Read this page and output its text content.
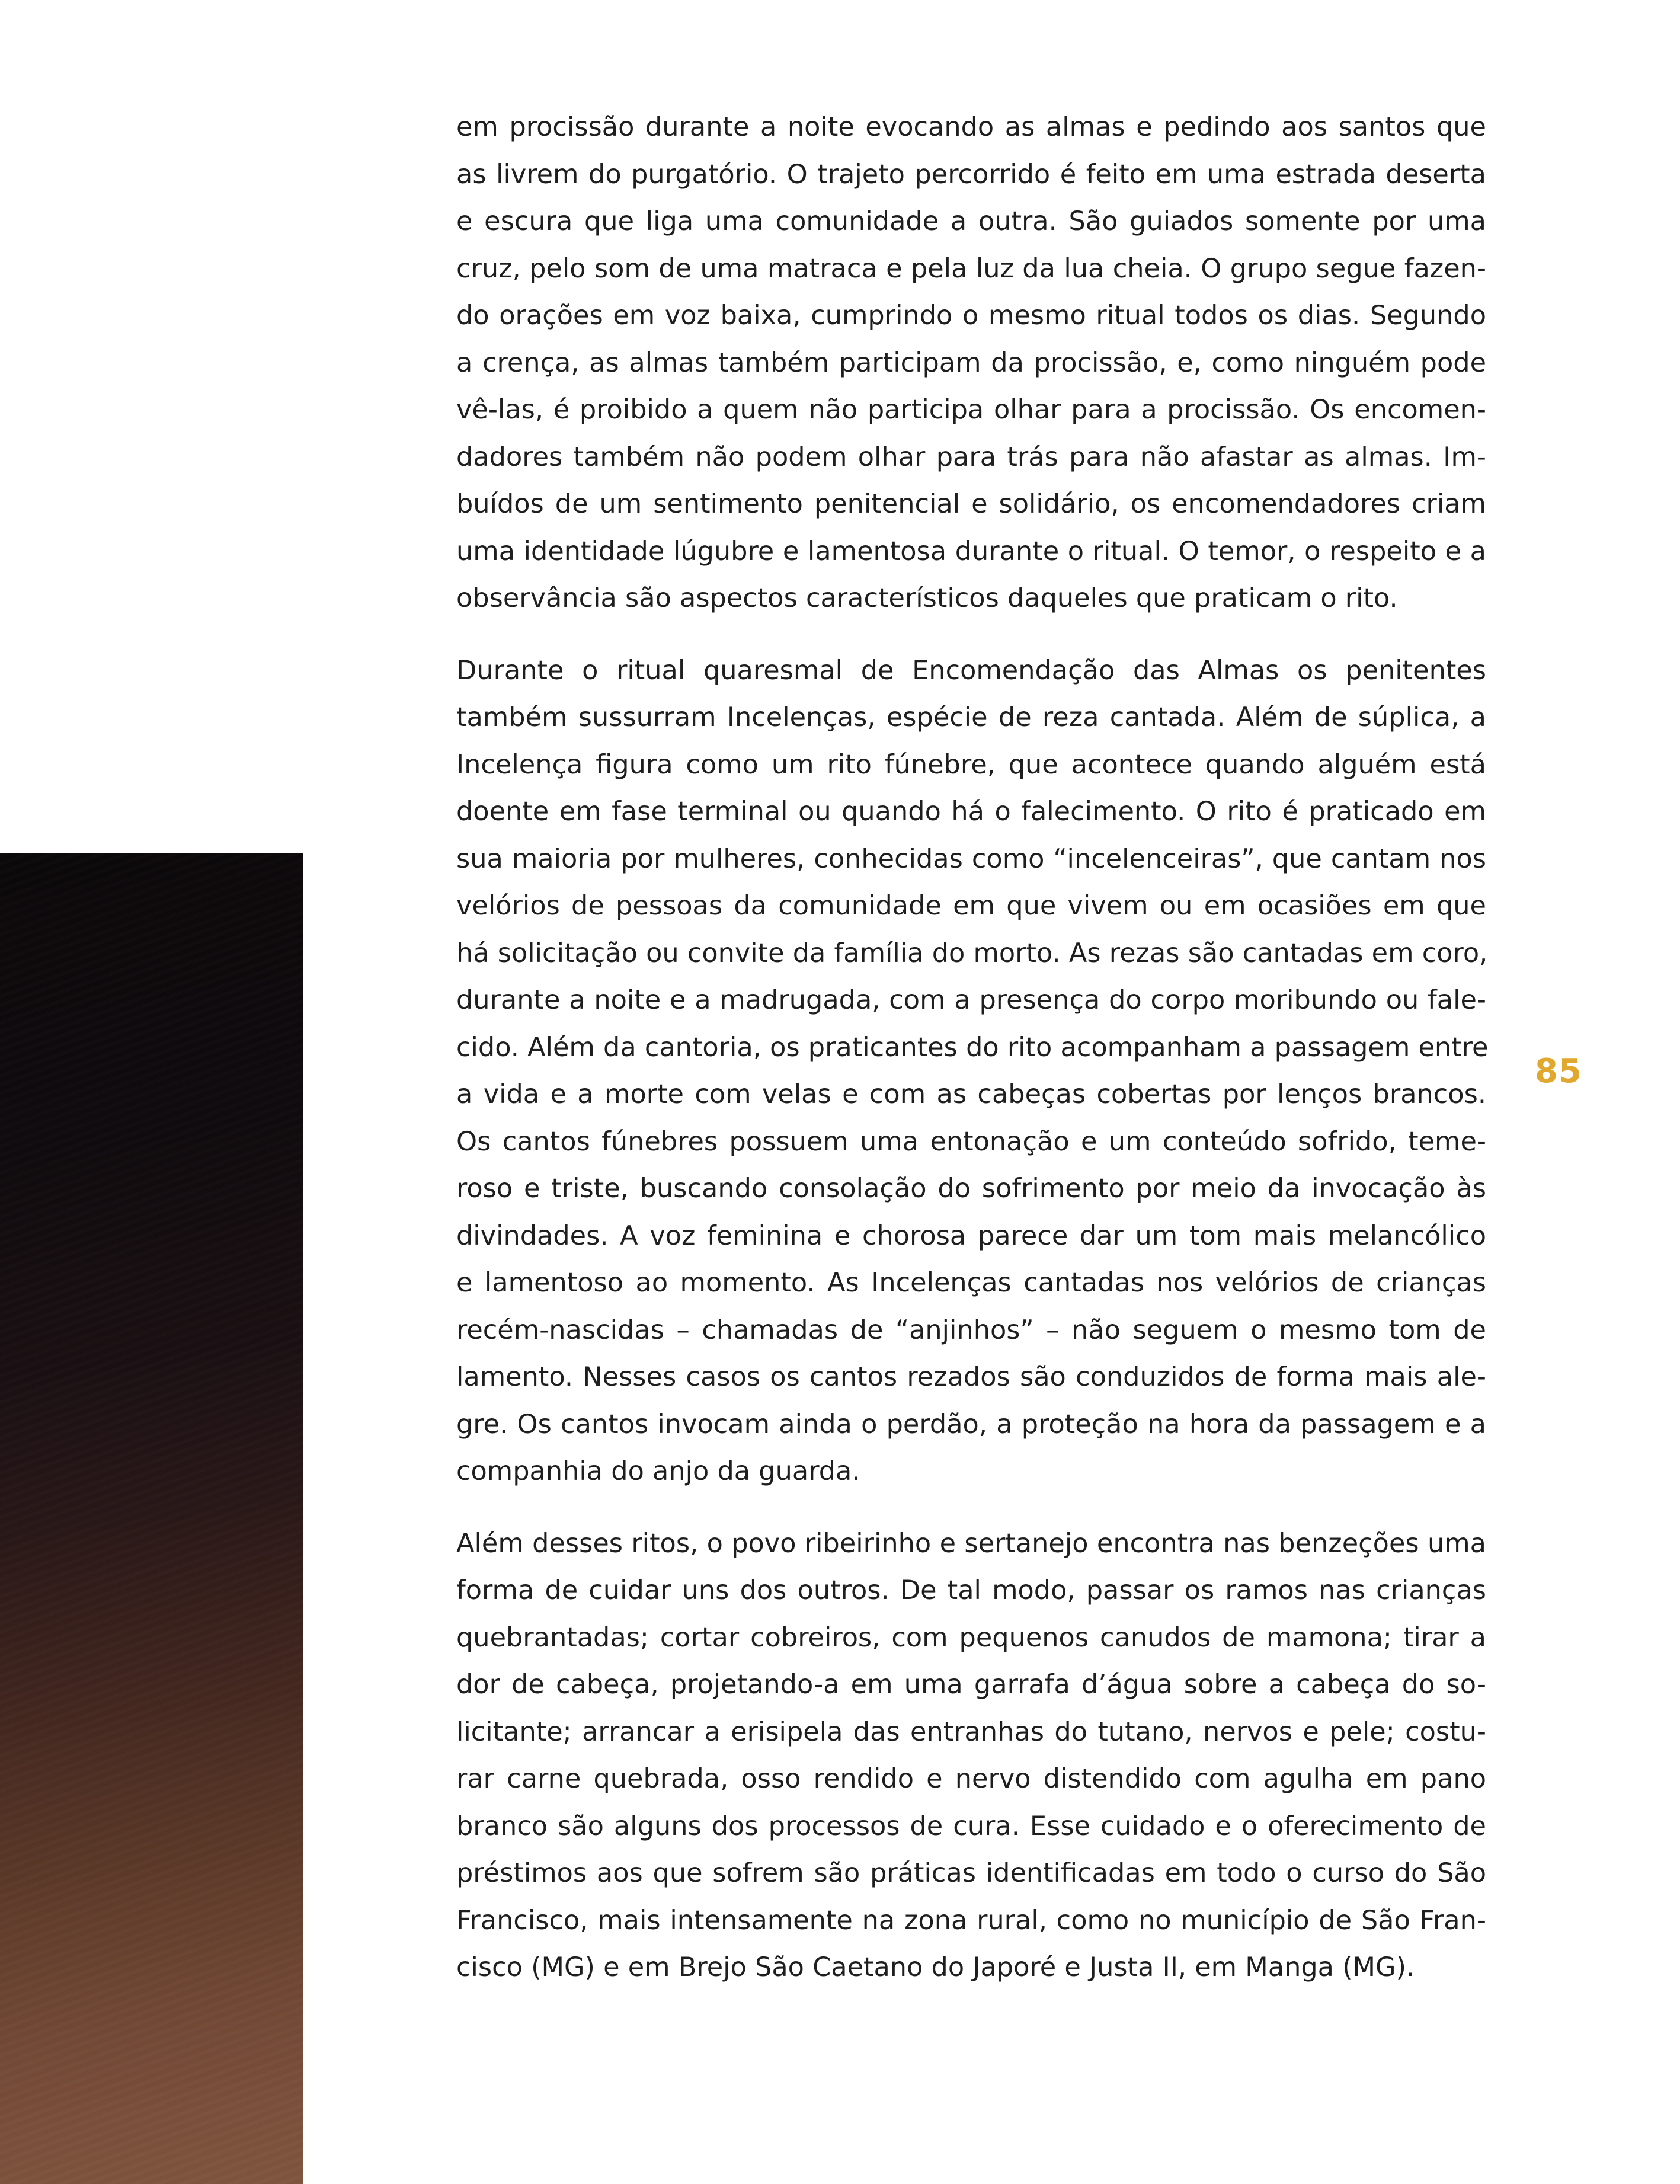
em procissão durante a noite evocando as almas e pedindo aos santos que
as livrem do purgatório. O trajeto percorrido é feito em uma estrada deserta
e escura que liga uma comunidade a outra. São guiados somente por uma
cruz, pelo som de uma matraca e pela luz da lua cheia. O grupo segue fazen-
do orações em voz baixa, cumprindo o mesmo ritual todos os dias. Segundo
a crença, as almas também participam da procissão, e, como ninguém pode
vê-las, é proibido a quem não participa olhar para a procissão. Os encomen-
dadores também não podem olhar para trás para não afastar as almas. Im-
buídos de um sentimento penitencial e solidário, os encomendadores criam
uma identidade lúgubre e lamentosa durante o ritual. O temor, o respeito e a
observância são aspectos característicos daqueles que praticam o rito.
Durante o ritual quaresmal de Encomendação das Almas os penitentes
também sussurram Incelenças, espécie de reza cantada. Além de súplica, a
Incelença figura como um rito fúnebre, que acontece quando alguém está
doente em fase terminal ou quando há o falecimento. O rito é praticado em
sua maioria por mulheres, conhecidas como “incelenceiras”, que cantam nos
velórios de pessoas da comunidade em que vivem ou em ocasiões em que
há solicitação ou convite da família do morto. As rezas são cantadas em coro,
durante a noite e a madrugada, com a presença do corpo moribundo ou fale-
cido. Além da cantoria, os praticantes do rito acompanham a passagem entre
a vida e a morte com velas e com as cabeças cobertas por lenços brancos.
Os cantos fúnebres possuem uma entonação e um conteúdo sofrido, teme-
roso e triste, buscando consolação do sofrimento por meio da invocação às
divindades. A voz feminina e chorosa parece dar um tom mais melancólico
e lamentoso ao momento. As Incelenças cantadas nos velórios de crianças
recém-nascidas – chamadas de “anjinhos” – não seguem o mesmo tom de
lamento. Nesses casos os cantos rezados são conduzidos de forma mais ale-
gre. Os cantos invocam ainda o perdão, a proteção na hora da passagem e a
companhia do anjo da guarda.
Além desses ritos, o povo ribeirinho e sertanejo encontra nas benzeções uma
forma de cuidar uns dos outros. De tal modo, passar os ramos nas crianças
quebrantadas; cortar cobreiros, com pequenos canudos de mamona; tirar a
dor de cabeça, projetando-a em uma garrafa d’água sobre a cabeça do so-
licitante; arrancar a erisipela das entranhas do tutano, nervos e pele; costu-
rar carne quebrada, osso rendido e nervo distendido com agulha em pano
branco são alguns dos processos de cura. Esse cuidado e o oferecimento de
préstimos aos que sofrem são práticas identificadas em todo o curso do São
Francisco, mais intensamente na zona rural, como no município de São Fran-
cisco (MG) e em Brejo São Caetano do Japoré e Justa II, em Manga (MG).
85
